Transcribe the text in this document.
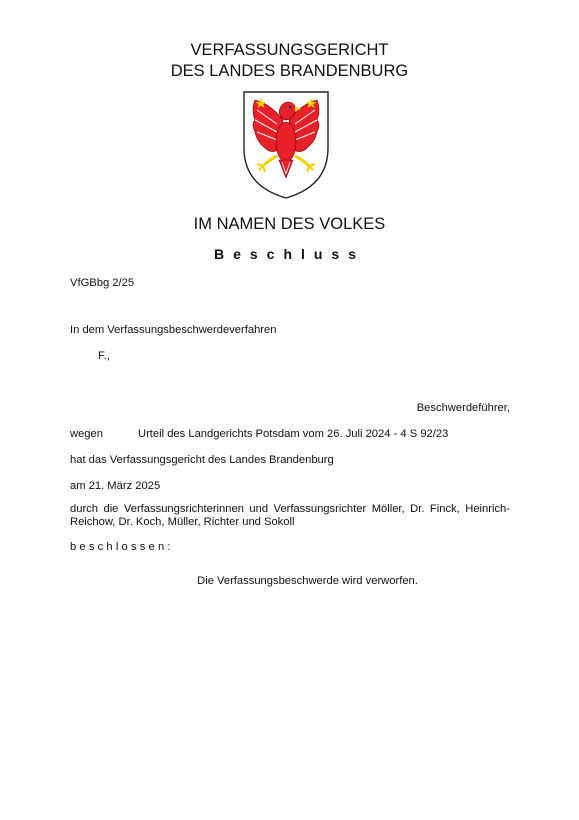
VERFASSUNGSGERICHT
DES LANDES BRANDENBURG
IM NAMEN DES VOLKES
Beschluss
VfGBbg 2/25
In dem Verfassungsbeschwerdeverfahren
F.,
Beschwerdeführer,
wegen	Urteil des Landgerichts Potsdam vom 26. Juli 2024 - 4 S 92/23
hat das Verfassungsgericht des Landes Brandenburg
am 21. März 2025
durch die Verfassungsrichterinnen und Verfassungsrichter Möller, Dr. Finck, Heinrich-Reichow, Dr. Koch, Müller, Richter und Sokoll
beschlossen:
Die Verfassungsbeschwerde wird verworfen.
